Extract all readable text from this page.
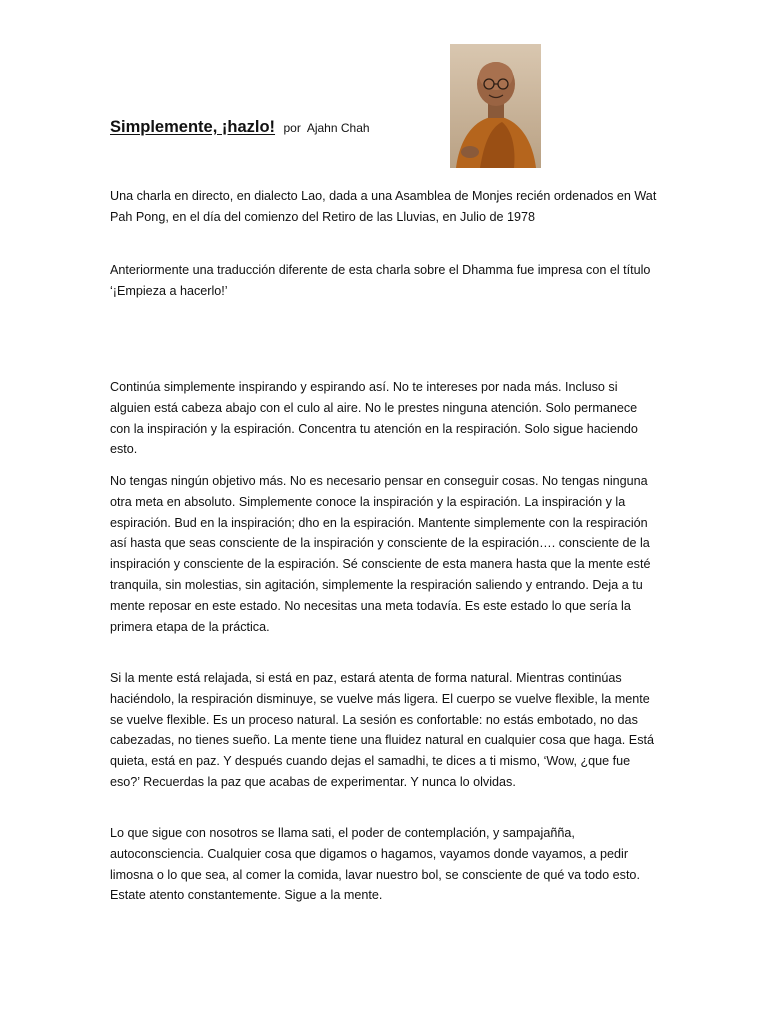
Simplemente, ¡hazlo! por Ajahn Chah

Una charla en directo, en dialecto Lao, dada a una Asamblea de Monjes recién ordenados en Wat Pah Pong, en el día del comienzo del Retiro de las Lluvias, en Julio de 1978

Anteriormente una traducción diferente de esta charla sobre el Dhamma fue impresa con el título ‘¡Empieza a hacerlo!’

Continúa simplemente inspirando y espirando así. No te intereses por nada más. Incluso si alguien está cabeza abajo con el culo al aire. No le prestes ninguna atención. Solo permanece con la inspiración y la espiración. Concentra tu atención en la respiración. Solo sigue haciendo esto.

No tengas ningún objetivo más. No es necesario pensar en conseguir cosas. No tengas ninguna otra meta en absoluto. Simplemente conoce la inspiración y la espiración. La inspiración y la espiración. Bud en la inspiración; dho en la espiración. Mantente simplemente con la respiración así hasta que seas consciente de la inspiración y consciente de la espiración…. consciente de la inspiración y consciente de la espiración. Sé consciente de esta manera hasta que la mente esté tranquila, sin molestias, sin agitación, simplemente la respiración saliendo y entrando. Deja a tu mente reposar en este estado. No necesitas una meta todavía. Es este estado lo que sería la primera etapa de la práctica.

Si la mente está relajada, si está en paz, estará atenta de forma natural. Mientras continúas haciéndolo, la respiración disminuye, se vuelve más ligera. El cuerpo se vuelve flexible, la mente se vuelve flexible. Es un proceso natural. La sesión es confortable: no estás embotado, no das cabezadas, no tienes sueño. La mente tiene una fluidez natural en cualquier cosa que haga. Está quieta, está en paz. Y después cuando dejas el samadhi, te dices a ti mismo, ‘Wow, ¿que fue eso?’ Recuerdas la paz que acabas de experimentar. Y nunca lo olvidas.

Lo que sigue con nosotros se llama sati, el poder de contemplación, y sampajañña, autoconsciencia. Cualquier cosa que digamos o hagamos, vayamos donde vayamos, a pedir limosna o lo que sea, al comer la comida, lavar nuestro bol, se consciente de qué va todo esto. Estate atento constantemente. Sigue a la mente.
